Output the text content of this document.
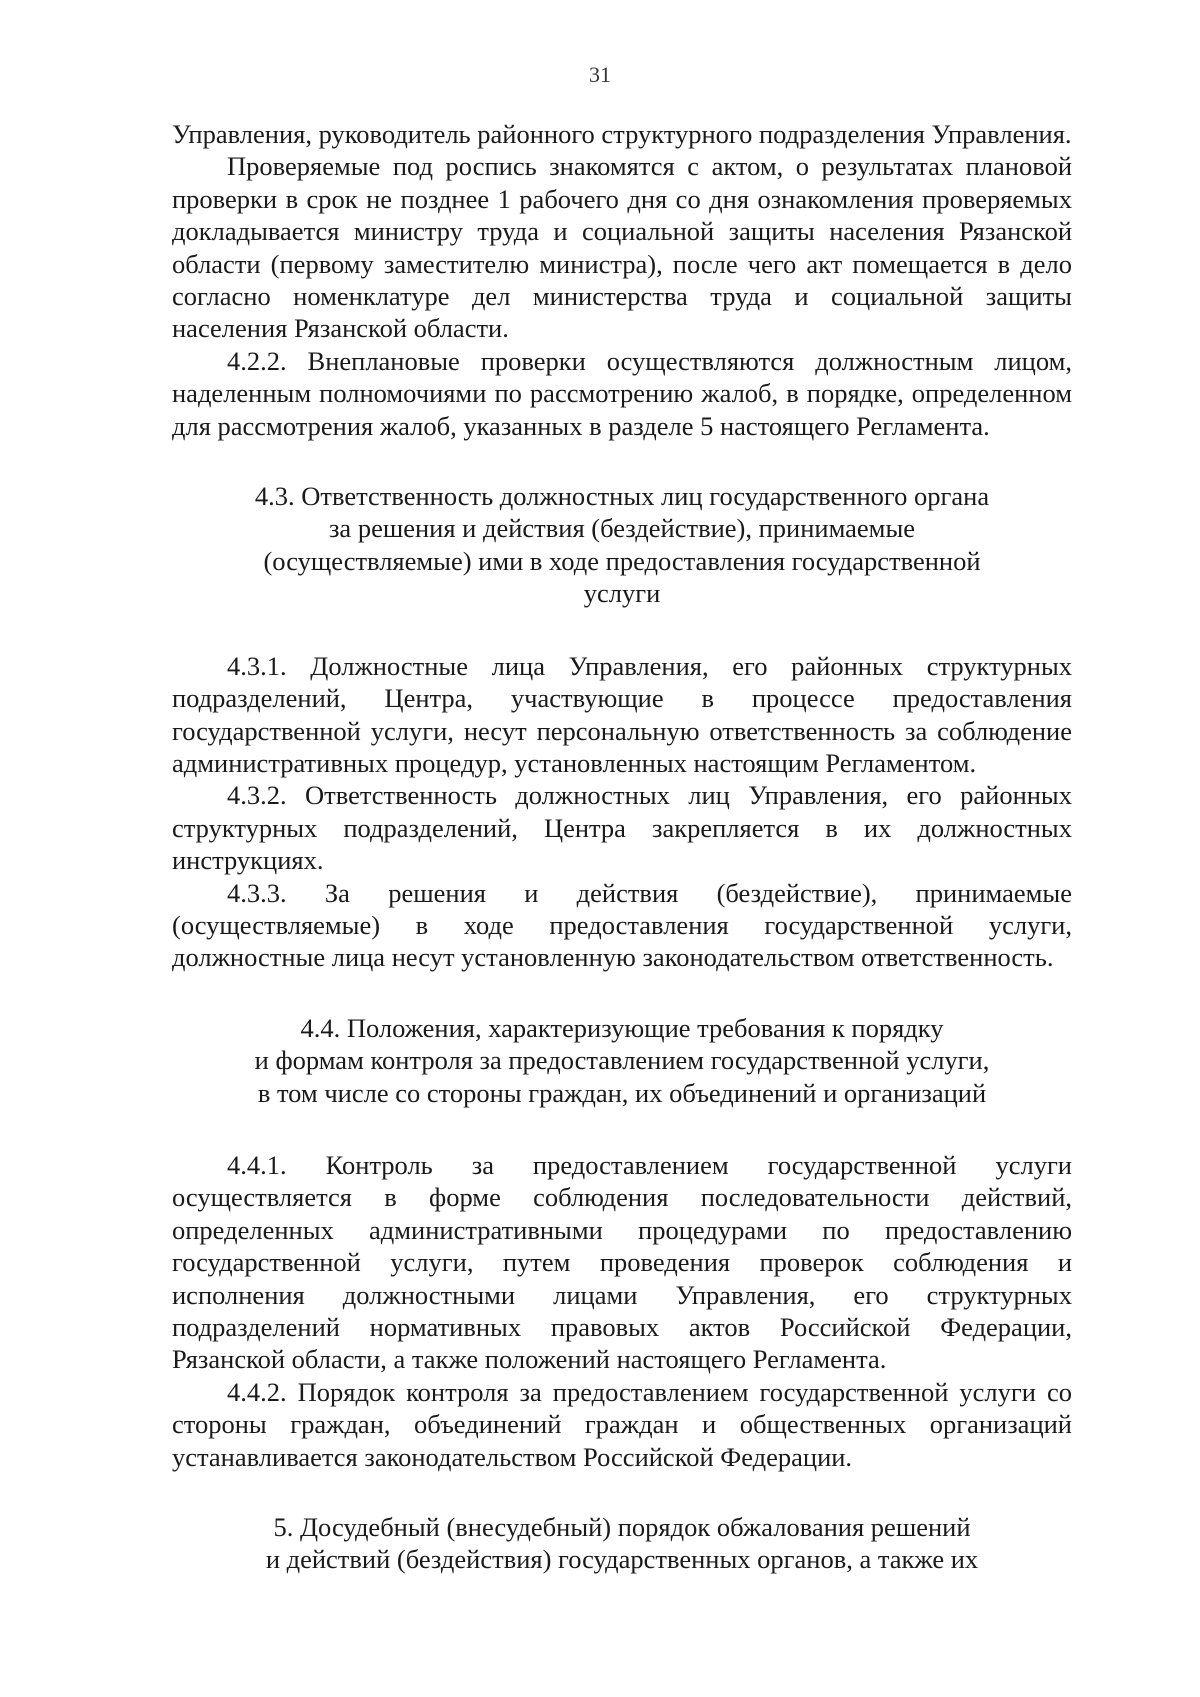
31

Управления, руководитель районного структурного подразделения Управления.

Проверяемые под роспись знакомятся с актом, о результатах плановой проверки в срок не позднее 1 рабочего дня со дня ознакомления проверяемых докладывается министру труда и социальной защиты населения Рязанской области (первому заместителю министра), после чего акт помещается в дело согласно номенклатуре дел министерства труда и социальной защиты населения Рязанской области.

4.2.2. Внеплановые проверки осуществляются должностным лицом, наделенным полномочиями по рассмотрению жалоб, в порядке, определенном для рассмотрения жалоб, указанных в разделе 5 настоящего Регламента.

4.3. Ответственность должностных лиц государственного органа

за решения и действия (бездействие), принимаемые

(осуществляемые) ими в ходе предоставления государственной

услуги

4.3.1. Должностные лица Управления, его районных структурных подразделений, Центра, участвующие в процессе предоставления государственной услуги, несут персональную ответственность за соблюдение административных процедур, установленных настоящим Регламентом.

4.3.2. Ответственность должностных лиц Управления, его районных структурных подразделений, Центра закрепляется в их должностных инструкциях.

4.3.3. За решения и действия (бездействие), принимаемые (осуществляемые) в ходе предоставления государственной услуги, должностные лица несут установленную законодательством ответственность.

4.4. Положения, характеризующие требования к порядку

и формам контроля за предоставлением государственной услуги,

в том числе со стороны граждан, их объединений и организаций

4.4.1. Контроль за предоставлением государственной услуги осуществляется в форме соблюдения последовательности действий, определенных административными процедурами по предоставлению государственной услуги, путем проведения проверок соблюдения и исполнения должностными лицами Управления, его структурных подразделений нормативных правовых актов Российской Федерации, Рязанской области, а также положений настоящего Регламента.

4.4.2. Порядок контроля за предоставлением государственной услуги со стороны граждан, объединений граждан и общественных организаций устанавливается законодательством Российской Федерации.

5. Досудебный (внесудебный) порядок обжалования решений

и действий (бездействия) государственных органов, а также их
